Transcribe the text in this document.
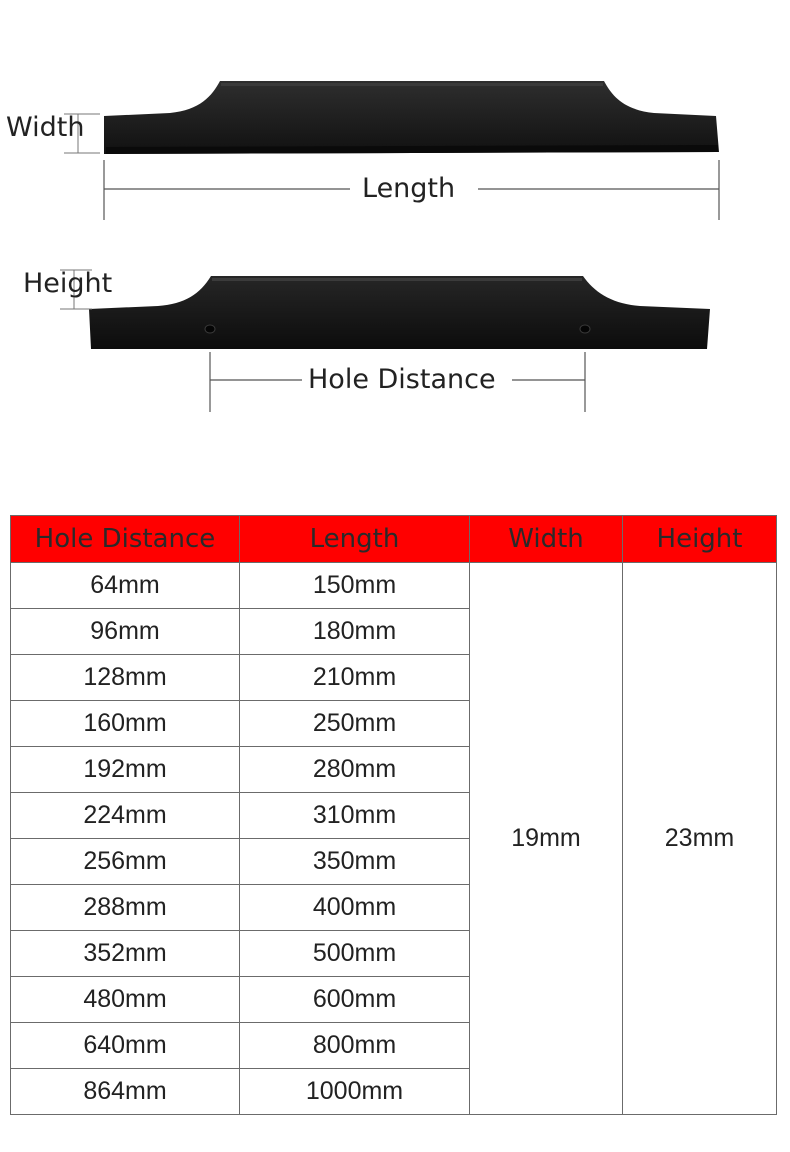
Width
Length
Height
Hole Distance
Hole Distance	Length	Width	Height
64mm	150mm	19mm	23mm
96mm	180mm		
128mm	210mm		
160mm	250mm		
192mm	280mm		
224mm	310mm		
256mm	350mm		
288mm	400mm		
352mm	500mm		
480mm	600mm		
640mm	800mm		
864mm	1000mm		
